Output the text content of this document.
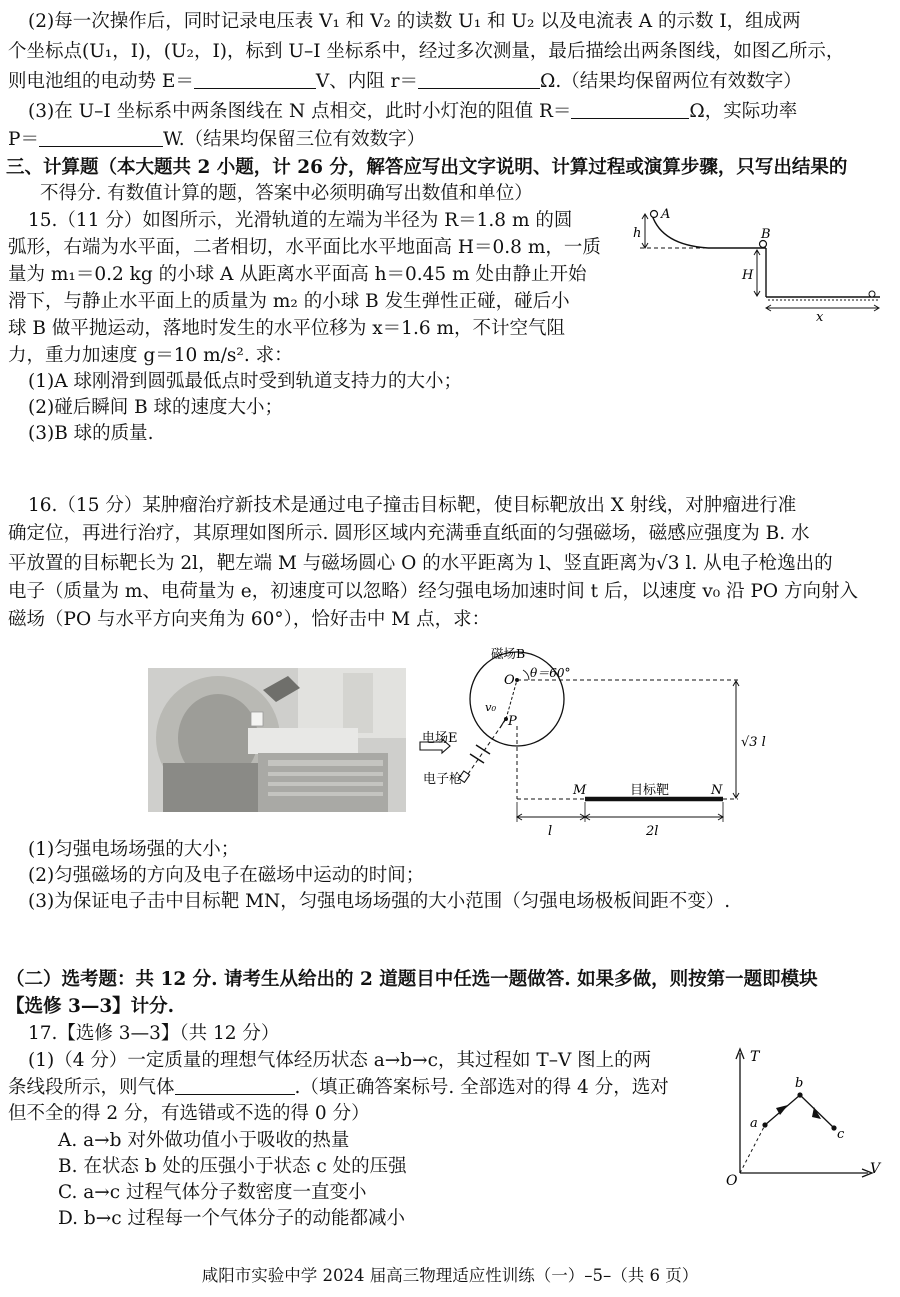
(2)每一次操作后，同时记录电压表 V₁ 和 V₂ 的读数 U₁ 和 U₂ 以及电流表 A 的示数 I，组成两
个坐标点(U₁，I)，(U₂，I)，标到 U–I 坐标系中，经过多次测量，最后描绘出两条图线，如图乙所示，
则电池组的电动势 E＝	V、内阻 r＝	Ω.（结果均保留两位有效数字）
(3)在 U–I 坐标系中两条图线在 N 点相交，此时小灯泡的阻值 R＝	Ω，实际功率
P＝	W.（结果均保留三位有效数字）
三、计算题（本大题共 2 小题，计 26 分，解答应写出文字说明、计算过程或演算步骤，只写出结果的
不得分. 有数值计算的题，答案中必须明确写出数值和单位）
15.（11 分）如图所示，光滑轨道的左端为半径为 R＝1.8 m 的圆
弧形，右端为水平面，二者相切，水平面比水平地面高 H＝0.8 m，一质
量为 m₁＝0.2 kg 的小球 A 从距离水平面高 h＝0.45 m 处由静止开始
滑下，与静止水平面上的质量为 m₂ 的小球 B 发生弹性正碰，碰后小
球 B 做平抛运动，落地时发生的水平位移为 x＝1.6 m，不计空气阻
力，重力加速度 g＝10 m/s². 求：
(1)A 球刚滑到圆弧最低点时受到轨道支持力的大小；
(2)碰后瞬间 B 球的速度大小；
(3)B 球的质量.
A
B
h
H
x
16.（15 分）某肿瘤治疗新技术是通过电子撞击目标靶，使目标靶放出 X 射线，对肿瘤进行准
确定位，再进行治疗，其原理如图所示. 圆形区域内充满垂直纸面的匀强磁场，磁感应强度为 B. 水
平放置的目标靶长为 2l，靶左端 M 与磁场圆心 O 的水平距离为 l、竖直距离为√3 l. 从电子枪逸出的
电子（质量为 m、电荷量为 e，初速度可以忽略）经匀强电场加速时间 t 后，以速度 v₀ 沿 PO 方向射入
磁场（PO 与水平方向夹角为 60°），恰好击中 M 点，求：
磁场B
θ＝60°
O
v₀
P
电场E
电子枪
√3 l
M	N
目标靶
l	2l
(1)匀强电场场强的大小；
(2)匀强磁场的方向及电子在磁场中运动的时间；
(3)为保证电子击中目标靶 MN，匀强电场场强的大小范围（匀强电场极板间距不变）.
（二）选考题：共 12 分. 请考生从给出的 2 道题目中任选一题做答. 如果多做，则按第一题即模块
【选修 3—3】计分.
17.【选修 3—3】（共 12 分）
(1)（4 分）一定质量的理想气体经历状态 a→b→c，其过程如 T–V 图上的两
条线段所示，则气体	.（填正确答案标号. 全部选对的得 4 分，选对
但不全的得 2 分，有选错或不选的得 0 分）
A. a→b 对外做功值小于吸收的热量
B. 在状态 b 处的压强小于状态 c 处的压强
C. a→c 过程气体分子数密度一直变小
D. b→c 过程每一个气体分子的动能都减小
T
V
O
a
b
c
咸阳市实验中学 2024 届高三物理适应性训练（一）–5–（共 6 页）
